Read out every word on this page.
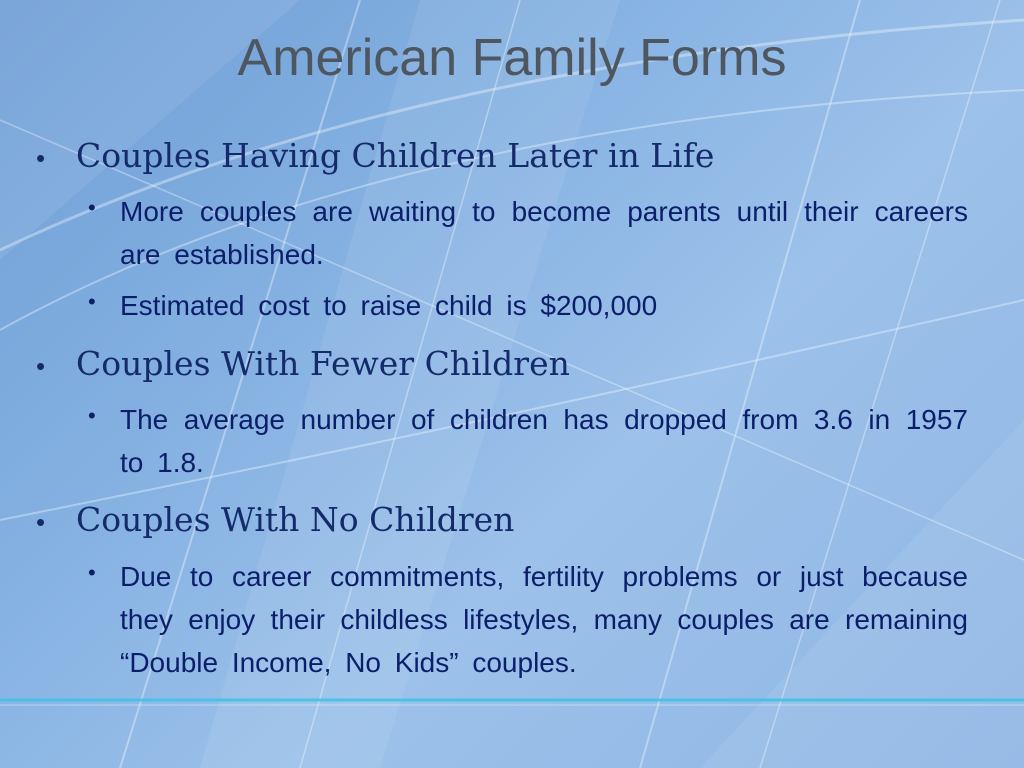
American Family Forms
• Couples Having Children Later in Life
• More couples are waiting to become parents until their careers are established.
• Estimated cost to raise child is $200,000
• Couples With Fewer Children
• The average number of children has dropped from 3.6 in 1957 to 1.8.
• Couples With No Children
• Due to career commitments, fertility problems or just because they enjoy their childless lifestyles, many couples are remaining “Double Income, No Kids” couples.
